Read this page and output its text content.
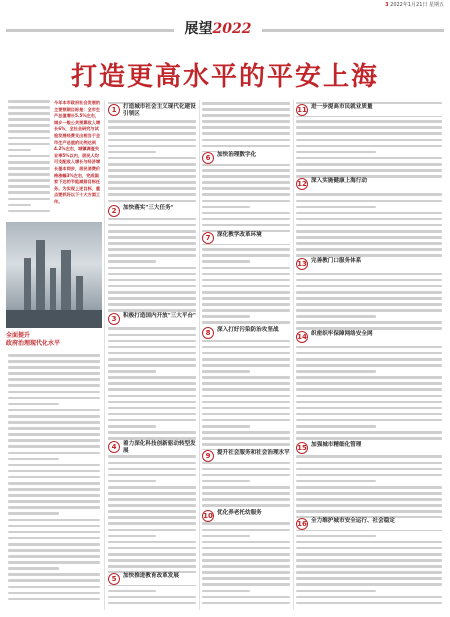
3 2022年1月21日 星期五
展望2022
打造更高水平的平安上海
今年本市政府社会发展的主要预期目标是：全市生产总值增长5.5%左右，城乡一般公共预算收入增长6%，全社会研究与试验发展经费支出相当于全市生产总值的比例达到4.2%左右，城镇调查失业率5%以内，居民人均可支配收入增长与经济增长基本同步，居民消费价格涨幅3%左右，完成国家下达的节能减排目标任务。为实现上述目标，重点要抓好以下十大方面工作。
全面提升
政府治理现代化水平
1	打造城市社会主义现代化建设引领区
2	加快落实"三大任务"
3	积极打造国内开放"三大平台"
4	着力深化科技创新驱动转型发展
5	加快推进教育改革发展
6	加快治理数字化
7	深化教学改革环境
8	深入打好污染防治攻坚战
9	提升社会服务和社会治理水平
10 优化养老托幼服务
11 进一步提高市民就业质量
12 深入实施健康上海行动
13 完善教门口服务体系
14 织密织牢保障网络安全网
15 加强城市精细化管理
16 全力维护城市安全运行、社会稳定
